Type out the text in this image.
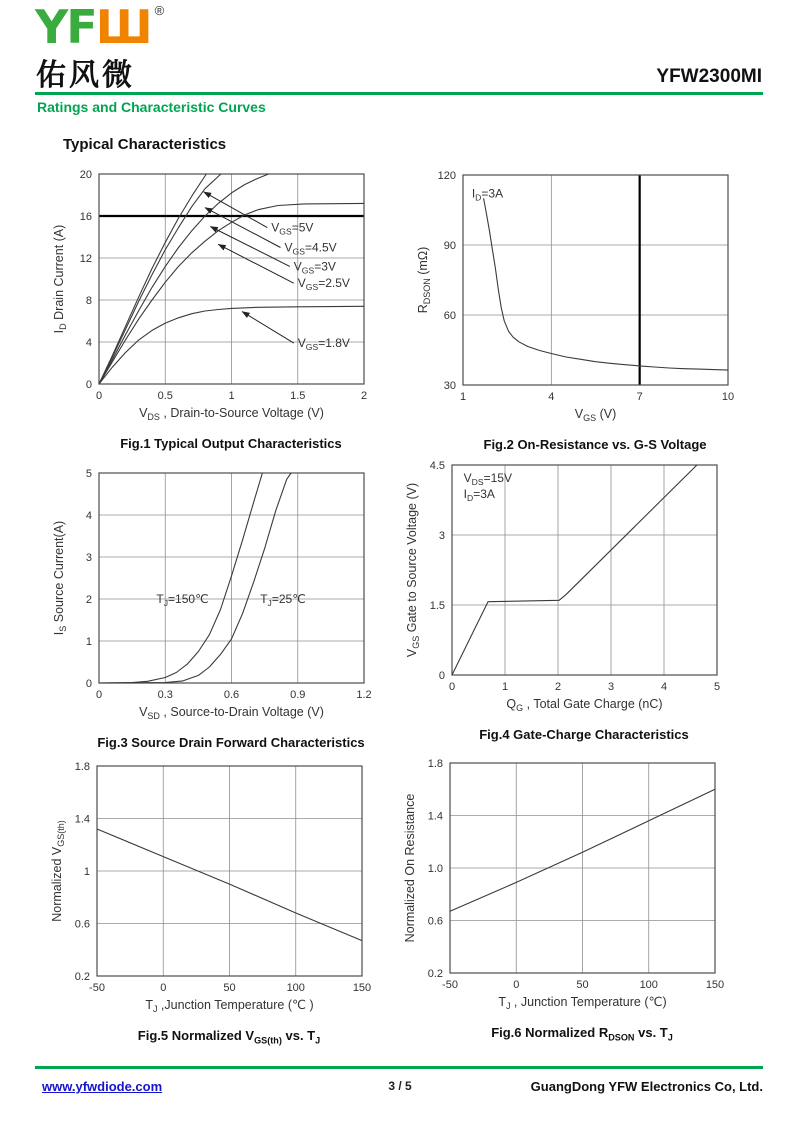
YFШ ®
佑风微	YFW2300MI
Ratings and Characteristic Curves
Typical Characteristics
0	0.5	1	1.5	2
0
4
8
12
16
20
$V_{GS}=5V$
$V_{GS}=4.5V$
$V_{GS}=3V$
$V_{GS}=2.5V$
$V_{GS}=1.8V$
$V_{DS}$ , Drain-to-Source Voltage (V)
$I_D$ Drain Current (A)
Fig.1 Typical Output Characteristics
1	4	7	10
30
60
90
120
$I_D=3A$
$V_{GS}$ (V)
$R_{DSON}$ (mΩ)
Fig.2 On-Resistance vs. G-S Voltage
0	0.3	0.6	0.9	1.2
0
1
2
3
4
5
$T_J=150℃$	$T_J=25℃$
$V_{SD}$ , Source-to-Drain Voltage (V)
$I_S$ Source Current(A)
Fig.3 Source Drain Forward Characteristics
0	1	2	3	4	5
0
1.5
3
4.5
$V_{DS}=15V$
$I_D=3A$
$Q_G$ , Total Gate Charge (nC)
$V_{GS}$ Gate to Source Voltage (V)
Fig.4 Gate-Charge Characteristics
-50	0	50	100	150
0.2
0.6
1
1.4
1.8
$T_J$ ,Junction Temperature (℃ )
Normalized $V_{GS(th)}$
Fig.5 Normalized $V_{GS(th)}$ vs. $T_J$
-50	0	50	100	150
0.2
0.6
1.0
1.4
1.8
$T_J$ , Junction Temperature (℃)
Normalized On Resistance
Fig.6 Normalized $R_{DSON}$ vs. $T_J$
www.yfwdiode.com	3 / 5	GuangDong YFW Electronics Co, Ltd.
